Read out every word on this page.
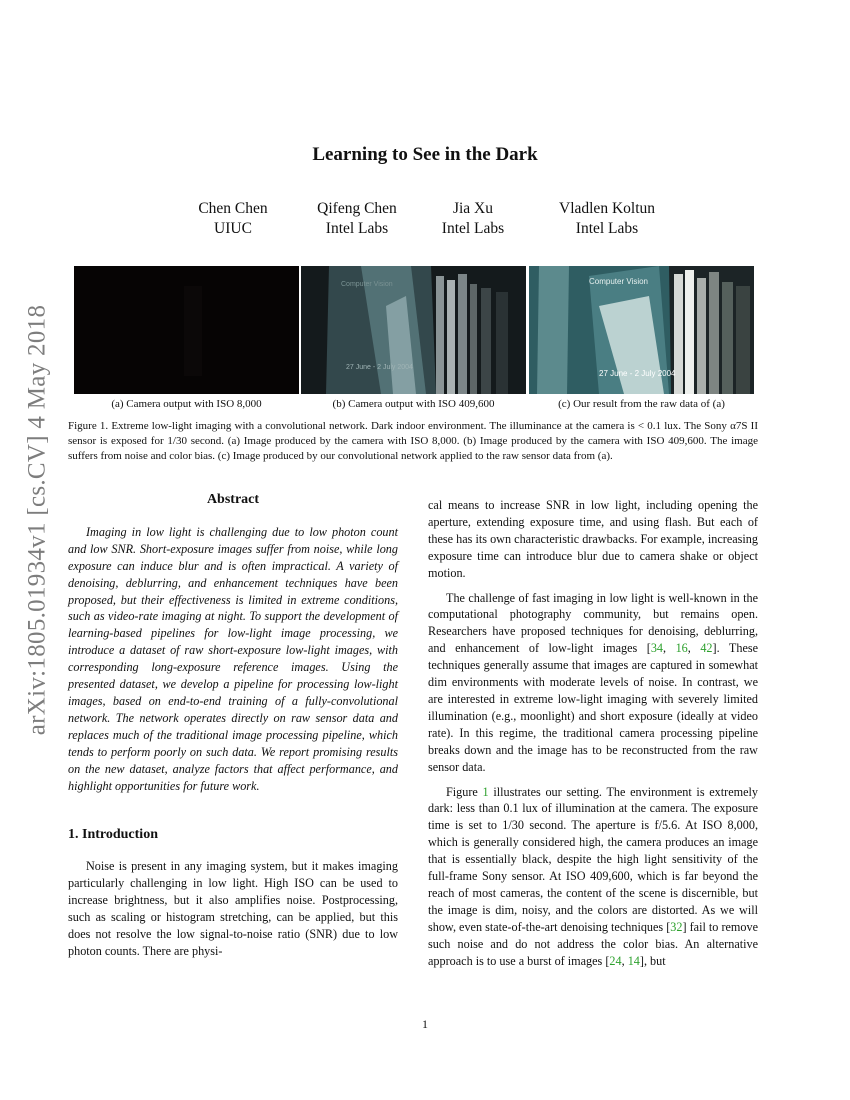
arXiv:1805.01934v1 [cs.CV] 4 May 2018
Learning to See in the Dark
Chen Chen
UIUC
Qifeng Chen
Intel Labs
Jia Xu
Intel Labs
Vladlen Koltun
Intel Labs
Computer Vision
27 June - 2 July 2004
Computer Vision
27 June - 2 July 2004
(a) Camera output with ISO 8,000	(b) Camera output with ISO 409,600	(c) Our result from the raw data of (a)
Figure 1. Extreme low-light imaging with a convolutional network. Dark indoor environment. The illuminance at the camera is < 0.1 lux. The Sony α7S II sensor is exposed for 1/30 second. (a) Image produced by the camera with ISO 8,000. (b) Image produced by the camera with ISO 409,600. The image suffers from noise and color bias. (c) Image produced by our convolutional network applied to the raw sensor data from (a).
Abstract

Imaging in low light is challenging due to low photon count and low SNR. Short-exposure images suffer from noise, while long exposure can induce blur and is often impractical. A variety of denoising, deblurring, and enhancement techniques have been proposed, but their effectiveness is limited in extreme conditions, such as video-rate imaging at night. To support the development of learning-based pipelines for low-light image processing, we introduce a dataset of raw short-exposure low-light images, with corresponding long-exposure reference images. Using the presented dataset, we develop a pipeline for processing low-light images, based on end-to-end training of a fully-convolutional network. The network operates directly on raw sensor data and replaces much of the traditional image processing pipeline, which tends to perform poorly on such data. We report promising results on the new dataset, analyze factors that affect performance, and highlight opportunities for future work.

1. Introduction

Noise is present in any imaging system, but it makes imaging particularly challenging in low light. High ISO can be used to increase brightness, but it also amplifies noise. Postprocessing, such as scaling or histogram stretching, can be applied, but this does not resolve the low signal-to-noise ratio (SNR) due to low photon counts. There are physi-

cal means to increase SNR in low light, including opening the aperture, extending exposure time, and using flash. But each of these has its own characteristic drawbacks. For example, increasing exposure time can introduce blur due to camera shake or object motion.

The challenge of fast imaging in low light is well-known in the computational photography community, but remains open. Researchers have proposed techniques for denoising, deblurring, and enhancement of low-light images [34, 16, 42]. These techniques generally assume that images are captured in somewhat dim environments with moderate levels of noise. In contrast, we are interested in extreme low-light imaging with severely limited illumination (e.g., moonlight) and short exposure (ideally at video rate). In this regime, the traditional camera processing pipeline breaks down and the image has to be reconstructed from the raw sensor data.

Figure 1 illustrates our setting. The environment is extremely dark: less than 0.1 lux of illumination at the camera. The exposure time is set to 1/30 second. The aperture is f/5.6. At ISO 8,000, which is generally considered high, the camera produces an image that is essentially black, despite the high light sensitivity of the full-frame Sony sensor. At ISO 409,600, which is far beyond the reach of most cameras, the content of the scene is discernible, but the image is dim, noisy, and the colors are distorted. As we will show, even state-of-the-art denoising techniques [32] fail to remove such noise and do not address the color bias. An alternative approach is to use a burst of images [24, 14], but

1
